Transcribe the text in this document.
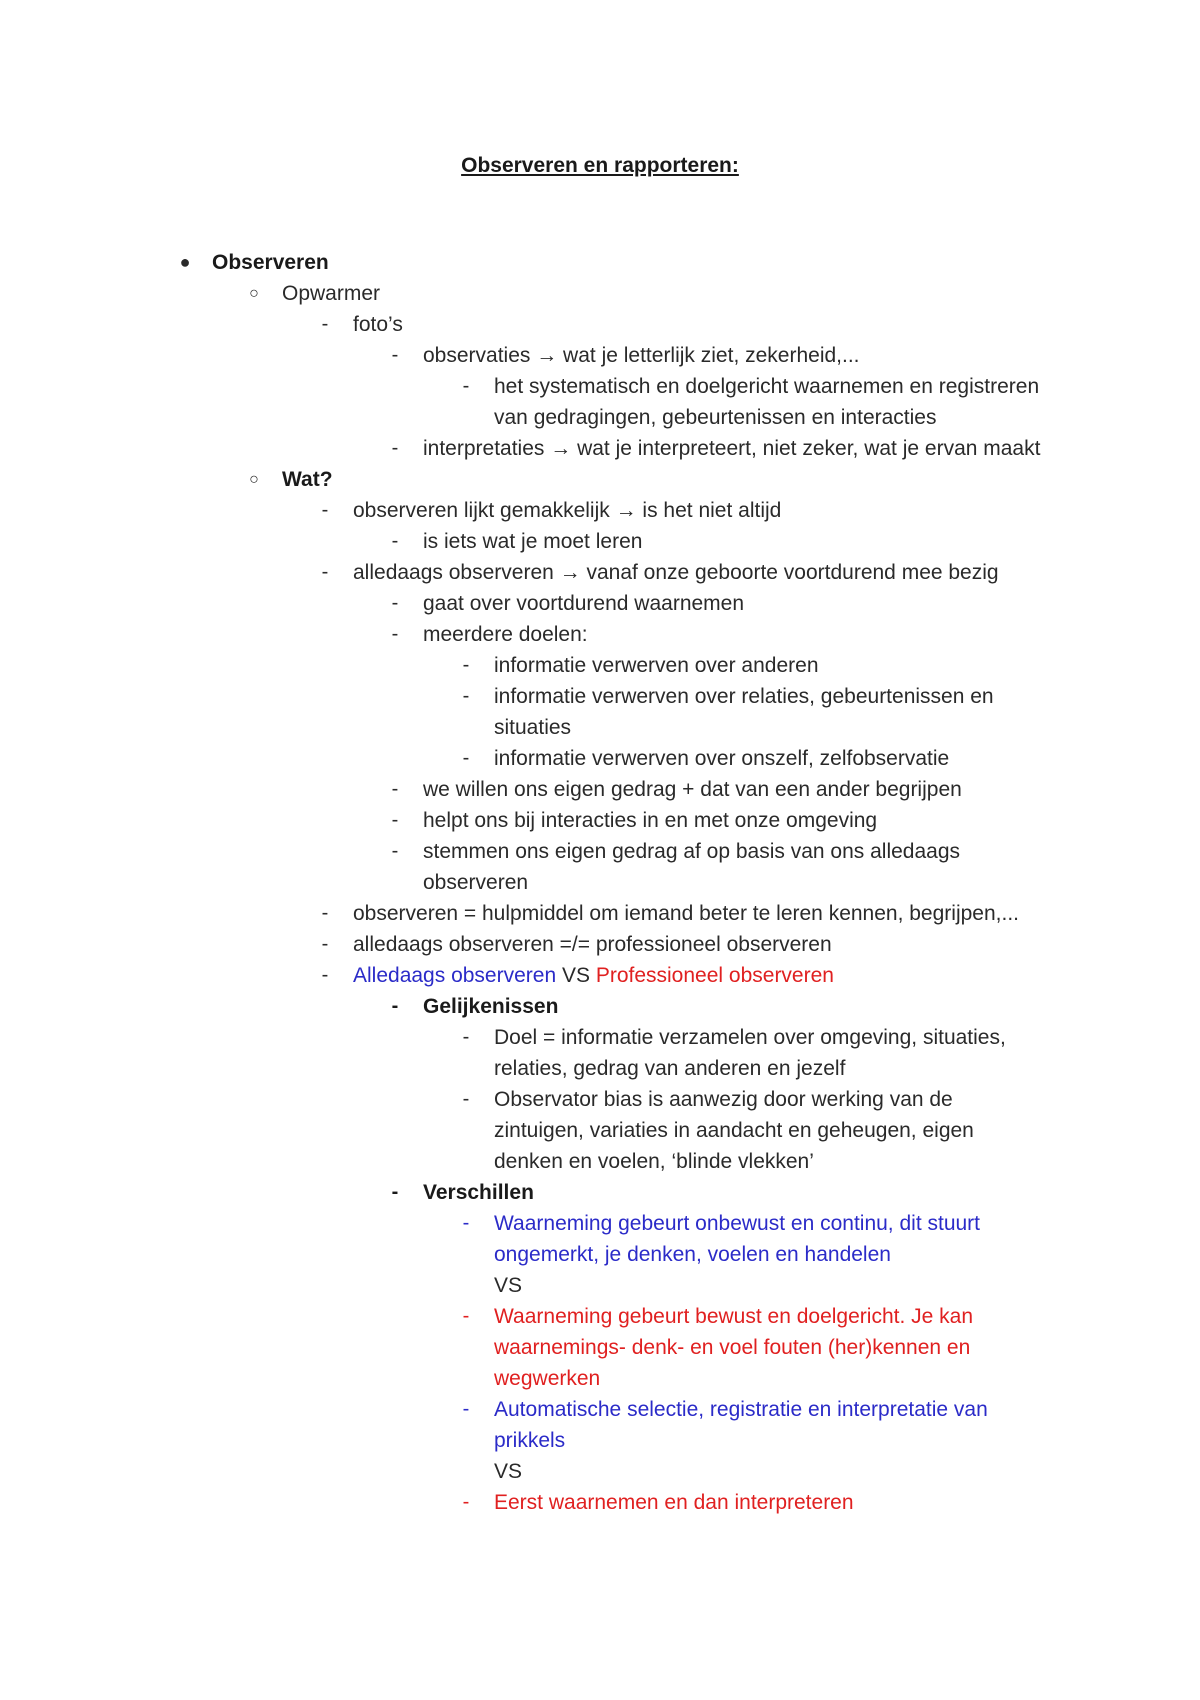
Observeren en rapporteren:
● Observeren
○ Opwarmer
-	foto’s
-	observaties → wat je letterlijk ziet, zekerheid,...
-	het systematisch en doelgericht waarnemen en registreren
van gedragingen, gebeurtenissen en interacties
-	interpretaties → wat je interpreteert, niet zeker, wat je ervan maakt
○ Wat?
-	observeren lijkt gemakkelijk → is het niet altijd
-	is iets wat je moet leren
-	alledaags observeren → vanaf onze geboorte voortdurend mee bezig
-	gaat over voortdurend waarnemen
-	meerdere doelen:
-	informatie verwerven over anderen
-	informatie verwerven over relaties, gebeurtenissen en
situaties
-	informatie verwerven over onszelf, zelfobservatie
-	we willen ons eigen gedrag + dat van een ander begrijpen
-	helpt ons bij interacties in en met onze omgeving
-	stemmen ons eigen gedrag af op basis van ons alledaags
observeren
-	observeren = hulpmiddel om iemand beter te leren kennen, begrijpen,...
-	alledaags observeren =/= professioneel observeren
-	Alledaags observeren VS Professioneel observeren
-	Gelijkenissen
-	Doel = informatie verzamelen over omgeving, situaties,
relaties, gedrag van anderen en jezelf
-	Observator bias is aanwezig door werking van de
zintuigen, variaties in aandacht en geheugen, eigen
denken en voelen, ‘blinde vlekken’
-	Verschillen
-	Waarneming gebeurt onbewust en continu, dit stuurt
ongemerkt, je denken, voelen en handelen
VS
-	Waarneming gebeurt bewust en doelgericht. Je kan
waarnemings- denk- en voel fouten (her)kennen en
wegwerken
-	Automatische selectie, registratie en interpretatie van
prikkels
VS
-	Eerst waarnemen en dan interpreteren
